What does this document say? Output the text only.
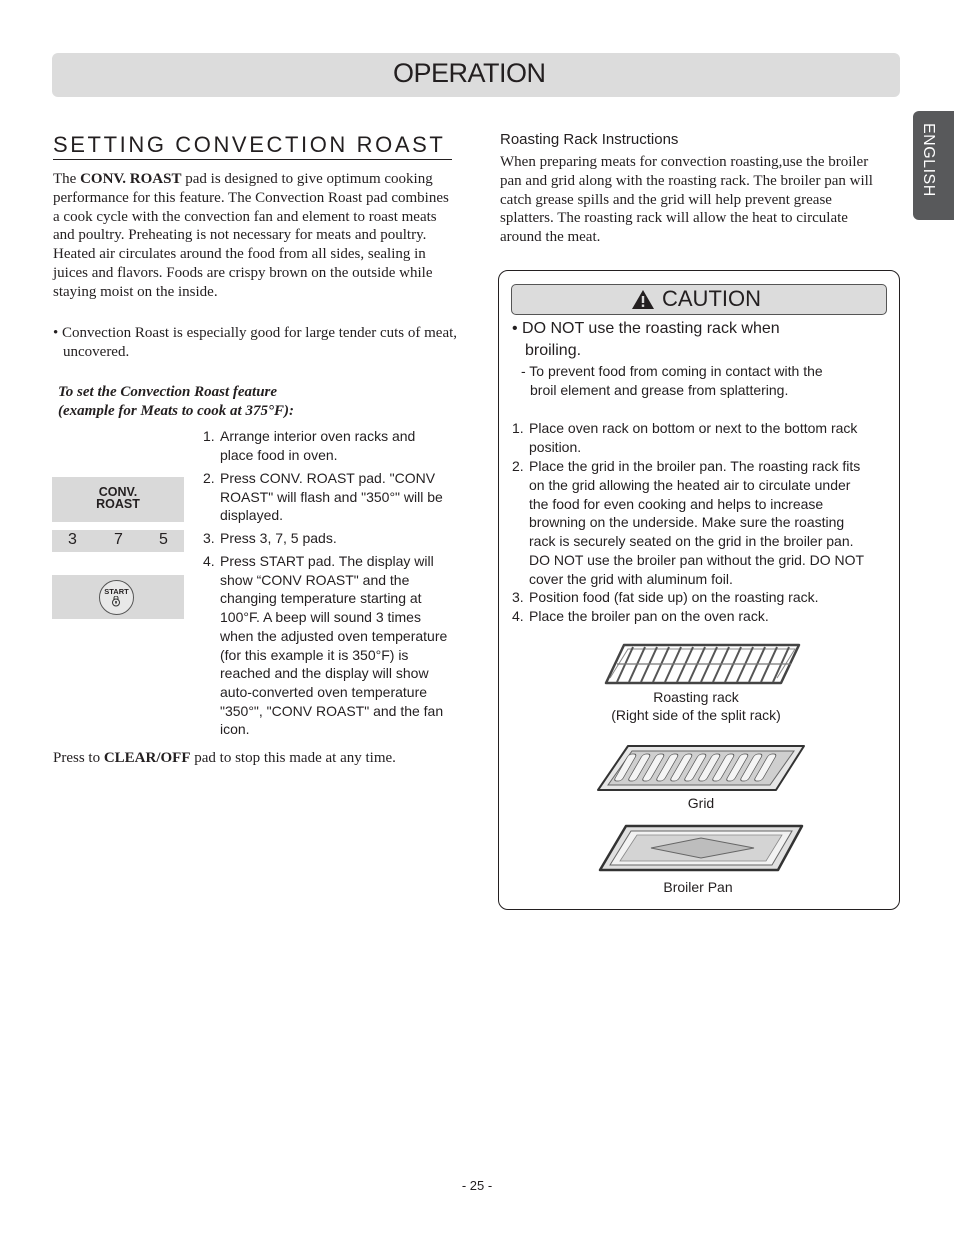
OPERATION
ENGLISH
SETTING CONVECTION ROAST
The CONV. ROAST pad is designed to give optimum cooking performance for this feature. The Convection Roast pad combines a cook cycle with the convection fan and element to roast meats and poultry. Preheating is not necessary for meats and poultry. Heated air circulates around the food from all sides, sealing in juices and flavors. Foods are crispy brown on the outside while staying moist on the inside.
• Convection Roast is especially good for large tender cuts of meat, uncovered.
To set the Convection Roast feature
(example for Meats to cook at 375°F):
CONV.
ROAST
3 7 5
START
1. Arrange interior oven racks and place food in oven.
2. Press CONV. ROAST pad. "CONV ROAST" will flash and "350°" will be displayed.
3. Press 3, 7, 5 pads.
4. Press START pad. The display will show “CONV ROAST" and the changing temperature starting at 100°F. A beep will sound 3 times when the adjusted oven temperature (for this example it is 350°F) is reached and the display will show auto-converted oven temperature "350°", "CONV ROAST" and the fan icon.
Press to CLEAR/OFF pad to stop this made at any time.
Roasting Rack Instructions
When preparing meats for convection roasting,use the broiler pan and grid along with the roasting rack. The broiler pan will catch grease spills and the grid will help prevent grease splatters. The roasting rack will allow the heat to circulate around the meat.
CAUTION
• DO NOT use the roasting rack when
broiling.
- To prevent food from coming in contact with the
broil element and grease from splattering.
1. Place oven rack on bottom or next to the bottom rack position.
2. Place the grid in the broiler pan. The roasting rack fits on the grid allowing the heated air to circulate under the food for even cooking and helps to increase browning on the underside. Make sure the roasting rack is securely seated on the grid in the broiler pan. DO NOT use the broiler pan without the grid. DO NOT cover the grid with aluminum foil.
3. Position food (fat side up) on the roasting rack.
4. Place the broiler pan on the oven rack.
Roasting rack
(Right side of the split rack)
Grid
Broiler Pan
- 25 -
